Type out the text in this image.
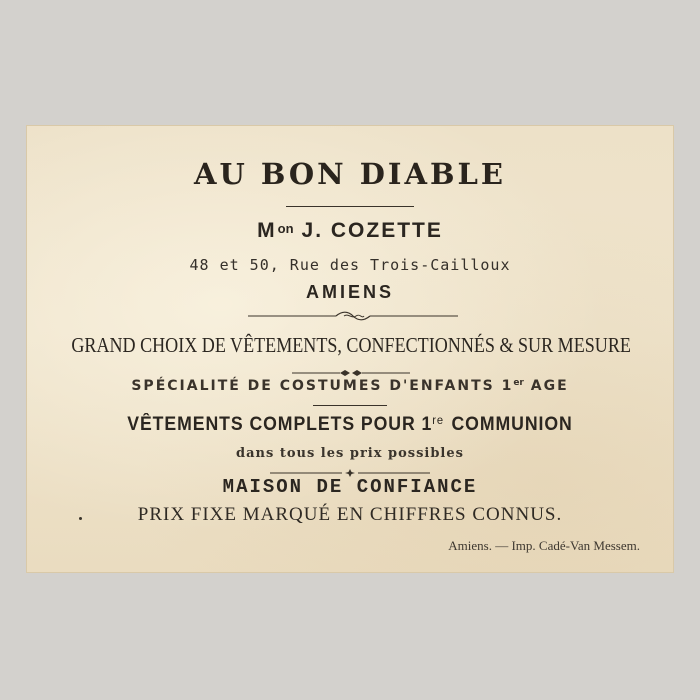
AU BON DIABLE
$M^{on}$ J. COZETTE
48 et 50, Rue des Trois-Cailloux
AMIENS
GRAND CHOIX DE VÊTEMENTS, CONFECTIONNÉS & SUR MESURE
SPÉCIALITÉ DE COSTUMES D'ENFANTS 1er AGE
VÊTEMENTS COMPLETS POUR 1re COMMUNION
dans tous les prix possibles
MAISON DE CONFIANCE
PRIX FIXE MARQUÉ EN CHIFFRES CONNUS.
Amiens. — Imp. Cadé-Van Messem.
